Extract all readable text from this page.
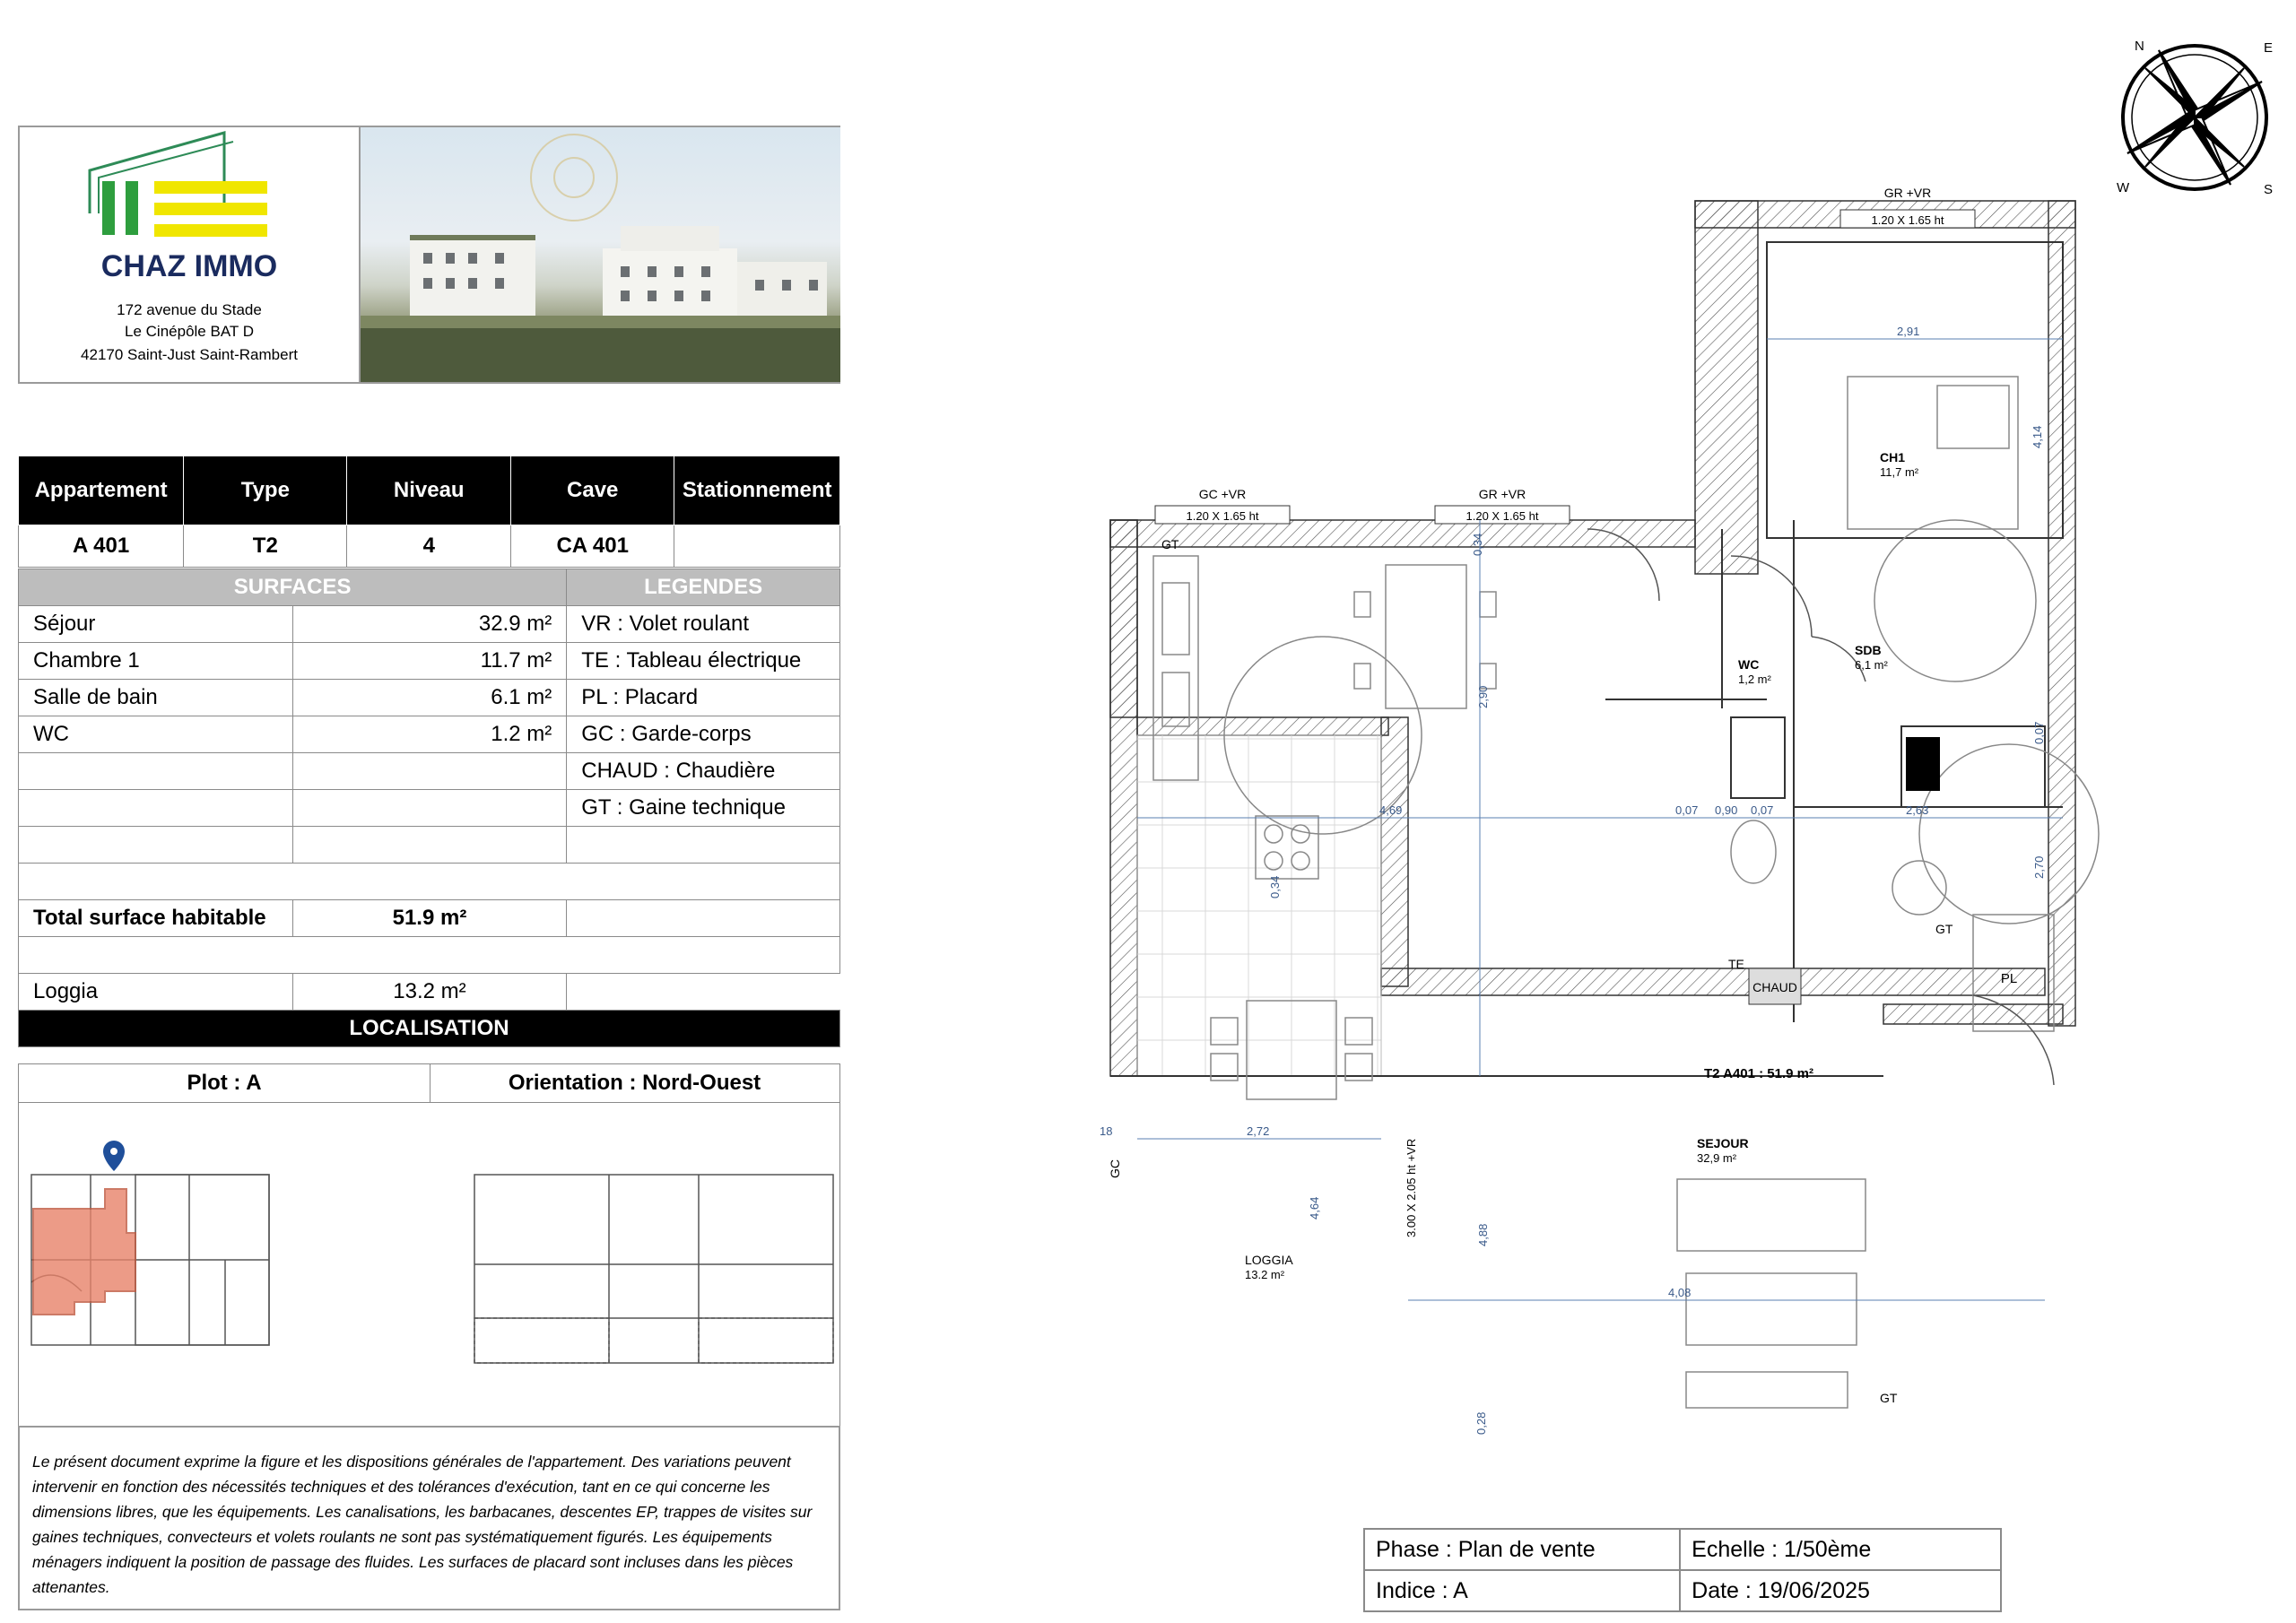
CHAZ IMMO
172 avenue du Stade
Le Cinépôle BAT D
42170 Saint-Just Saint-Rambert
Appartement	Type	Niveau	Cave	Stationnement
A 401	T2	4	CA 401	
SURFACES		LEGENDES
Séjour	32.9 m²	VR : Volet roulant
Chambre 1	11.7 m²	TE : Tableau électrique
Salle de bain	6.1 m²	PL : Placard
WC	1.2 m²	GC : Garde-corps
		CHAUD : Chaudière
		GT : Gaine technique

Total surface habitable	51.9 m²	

Loggia	13.2 m²	
LOCALISATION		
Plot : A	Orientation : Nord-Ouest
Le présent document exprime la figure et les dispositions générales de l'appartement. Des variations peuvent intervenir en fonction des nécessités techniques et des tolérances d'exécution, tant en ce qui concerne les dimensions libres, que les équipements. Les canalisations, les barbacanes, descentes EP, trappes de visites sur gaines techniques, convecteurs et volets roulants ne sont pas systématiquement figurés. Les équipements ménagers indiquent la position de passage des fluides. Les surfaces de placard sont incluses dans les pièces attenantes.
N	E
S
W
GR +VR
1.20 X 1.65 ht
GC +VR
1.20 X 1.65 ht
GR +VR
1.20 X 1.65 ht
CHAUD
PL
TE
GT
GT
GT
GC	3.00 X 2.05 ht +VR
CH1
11,7 m²
SDB
6,1 m²
WC
1,2 m²
SEJOUR
32,9 m²
LOGGIA
13.2 m²
T2 A401 : 51.9 m²
2,91
4,14
4,69	0,07 0,90 0,07	2,63
0,07
2,70
2,90
0,34
0,34
2,72
18
4,64
4,88
4,08
0,28
Phase : Plan de vente	Echelle : 1/50ème
Indice : A	Date : 19/06/2025
